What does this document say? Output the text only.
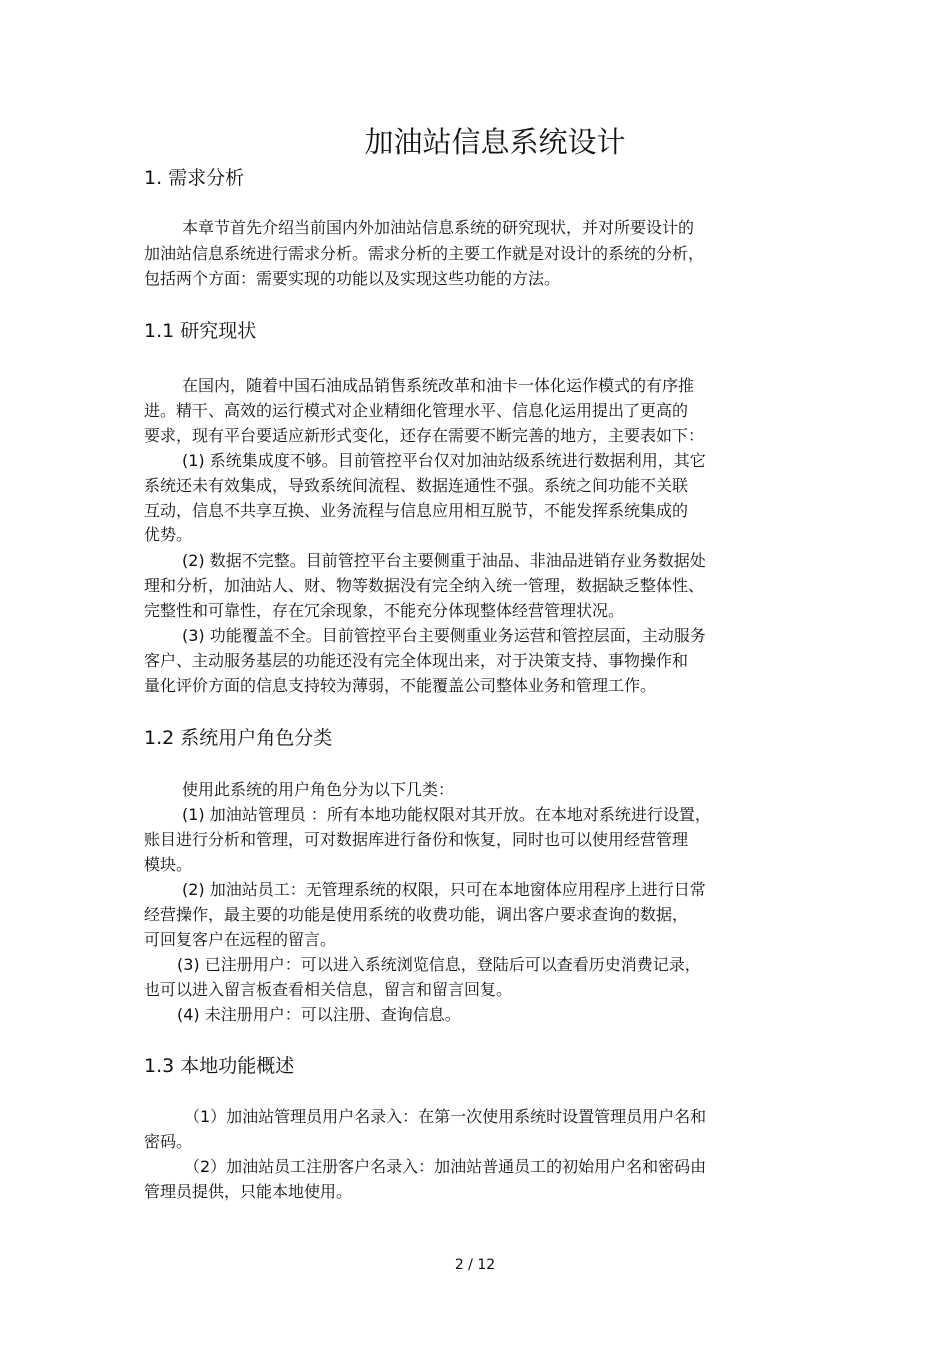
加油站信息系统设计
1. 需求分析
本章节首先介绍当前国内外加油站信息系统的研究现状，并对所要设计的
加油站信息系统进行需求分析。需求分析的主要工作就是对设计的系统的分析，
包括两个方面：需要实现的功能以及实现这些功能的方法。
1.1 研究现状
在国内，随着中国石油成品销售系统改革和油卡一体化运作模式的有序推
进。精干、高效的运行模式对企业精细化管理水平、信息化运用提出了更高的
要求，现有平台要适应新形式变化，还存在需要不断完善的地方，主要表如下：
(1) 系统集成度不够。目前管控平台仅对加油站级系统进行数据利用，其它
系统还未有效集成，导致系统间流程、数据连通性不强。系统之间功能不关联
互动，信息不共享互换、业务流程与信息应用相互脱节，不能发挥系统集成的
优势。
(2) 数据不完整。目前管控平台主要侧重于油品、非油品进销存业务数据处
理和分析，加油站人、财、物等数据没有完全纳入统一管理，数据缺乏整体性、
完整性和可靠性，存在冗余现象，不能充分体现整体经营管理状况。
(3) 功能覆盖不全。目前管控平台主要侧重业务运营和管控层面，主动服务
客户、主动服务基层的功能还没有完全体现出来，对于决策支持、事物操作和
量化评价方面的信息支持较为薄弱，不能覆盖公司整体业务和管理工作。
1.2 系统用户角色分类
使用此系统的用户角色分为以下几类：
(1) 加油站管理员 ：所有本地功能权限对其开放。在本地对系统进行设置，
账目进行分析和管理，可对数据库进行备份和恢复，同时也可以使用经营管理
模块。
(2) 加油站员工：无管理系统的权限，只可在本地窗体应用程序上进行日常
经营操作，最主要的功能是使用系统的收费功能，调出客户要求查询的数据，
可回复客户在远程的留言。
(3) 已注册用户：可以进入系统浏览信息，登陆后可以查看历史消费记录，
也可以进入留言板查看相关信息，留言和留言回复。
(4) 未注册用户：可以注册、查询信息。
1.3 本地功能概述
（1）加油站管理员用户名录入：在第一次使用系统时设置管理员用户名和
密码。
（2）加油站员工注册客户名录入：加油站普通员工的初始用户名和密码由
管理员提供，只能本地使用。
2 / 12
